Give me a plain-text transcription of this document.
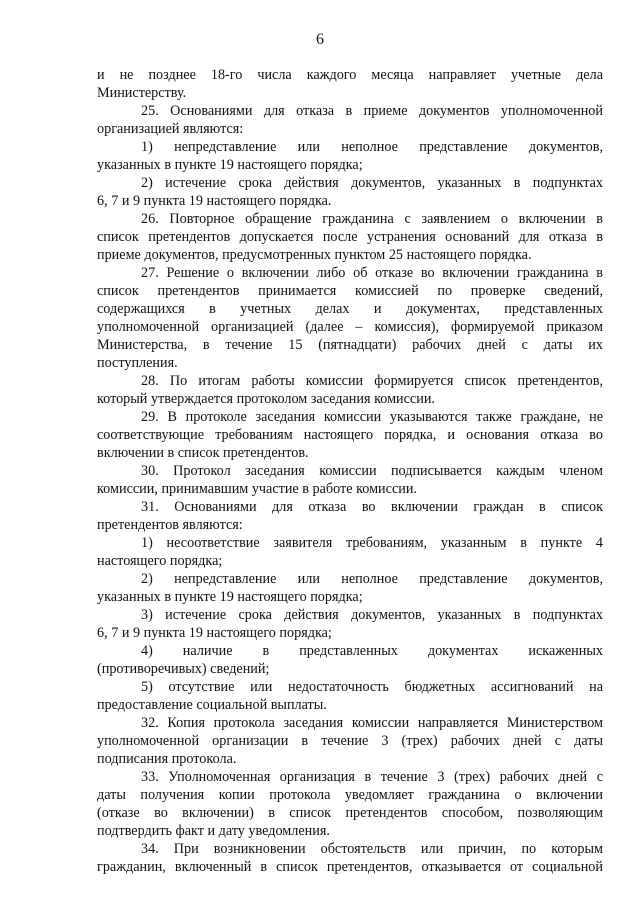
6
и не позднее 18-го числа каждого месяца направляет учетные дела
Министерству.
25. Основаниями для отказа в приеме документов уполномоченной
организацией являются:
1) непредставление или неполное представление документов,
указанных в пункте 19 настоящего порядка;
2) истечение срока действия документов, указанных в подпунктах
6, 7 и 9 пункта 19 настоящего порядка.
26. Повторное обращение гражданина с заявлением о включении в
список претендентов допускается после устранения оснований для отказа в
приеме документов, предусмотренных пунктом 25 настоящего порядка.
27. Решение о включении либо об отказе во включении гражданина в
список претендентов принимается комиссией по проверке сведений,
содержащихся в учетных делах и документах, представленных
уполномоченной организацией (далее – комиссия), формируемой приказом
Министерства, в течение 15 (пятнадцати) рабочих дней с даты их
поступления.
28. По итогам работы комиссии формируется список претендентов,
который утверждается протоколом заседания комиссии.
29. В протоколе заседания комиссии указываются также граждане, не
соответствующие требованиям настоящего порядка, и основания отказа во
включении в список претендентов.
30. Протокол заседания комиссии подписывается каждым членом
комиссии, принимавшим участие в работе комиссии.
31. Основаниями для отказа во включении граждан в список
претендентов являются:
1) несоответствие заявителя требованиям, указанным в пункте 4
настоящего порядка;
2) непредставление или неполное представление документов,
указанных в пункте 19 настоящего порядка;
3) истечение срока действия документов, указанных в подпунктах
6, 7 и 9 пункта 19 настоящего порядка;
4) наличие в представленных документах искаженных
(противоречивых) сведений;
5) отсутствие или недостаточность бюджетных ассигнований на
предоставление социальной выплаты.
32. Копия протокола заседания комиссии направляется Министерством
уполномоченной организации в течение 3 (трех) рабочих дней с даты
подписания протокола.
33. Уполномоченная организация в течение 3 (трех) рабочих дней с
даты получения копии протокола уведомляет гражданина о включении
(отказе во включении) в список претендентов способом, позволяющим
подтвердить факт и дату уведомления.
34. При возникновении обстоятельств или причин, по которым
гражданин, включенный в список претендентов, отказывается от социальной
